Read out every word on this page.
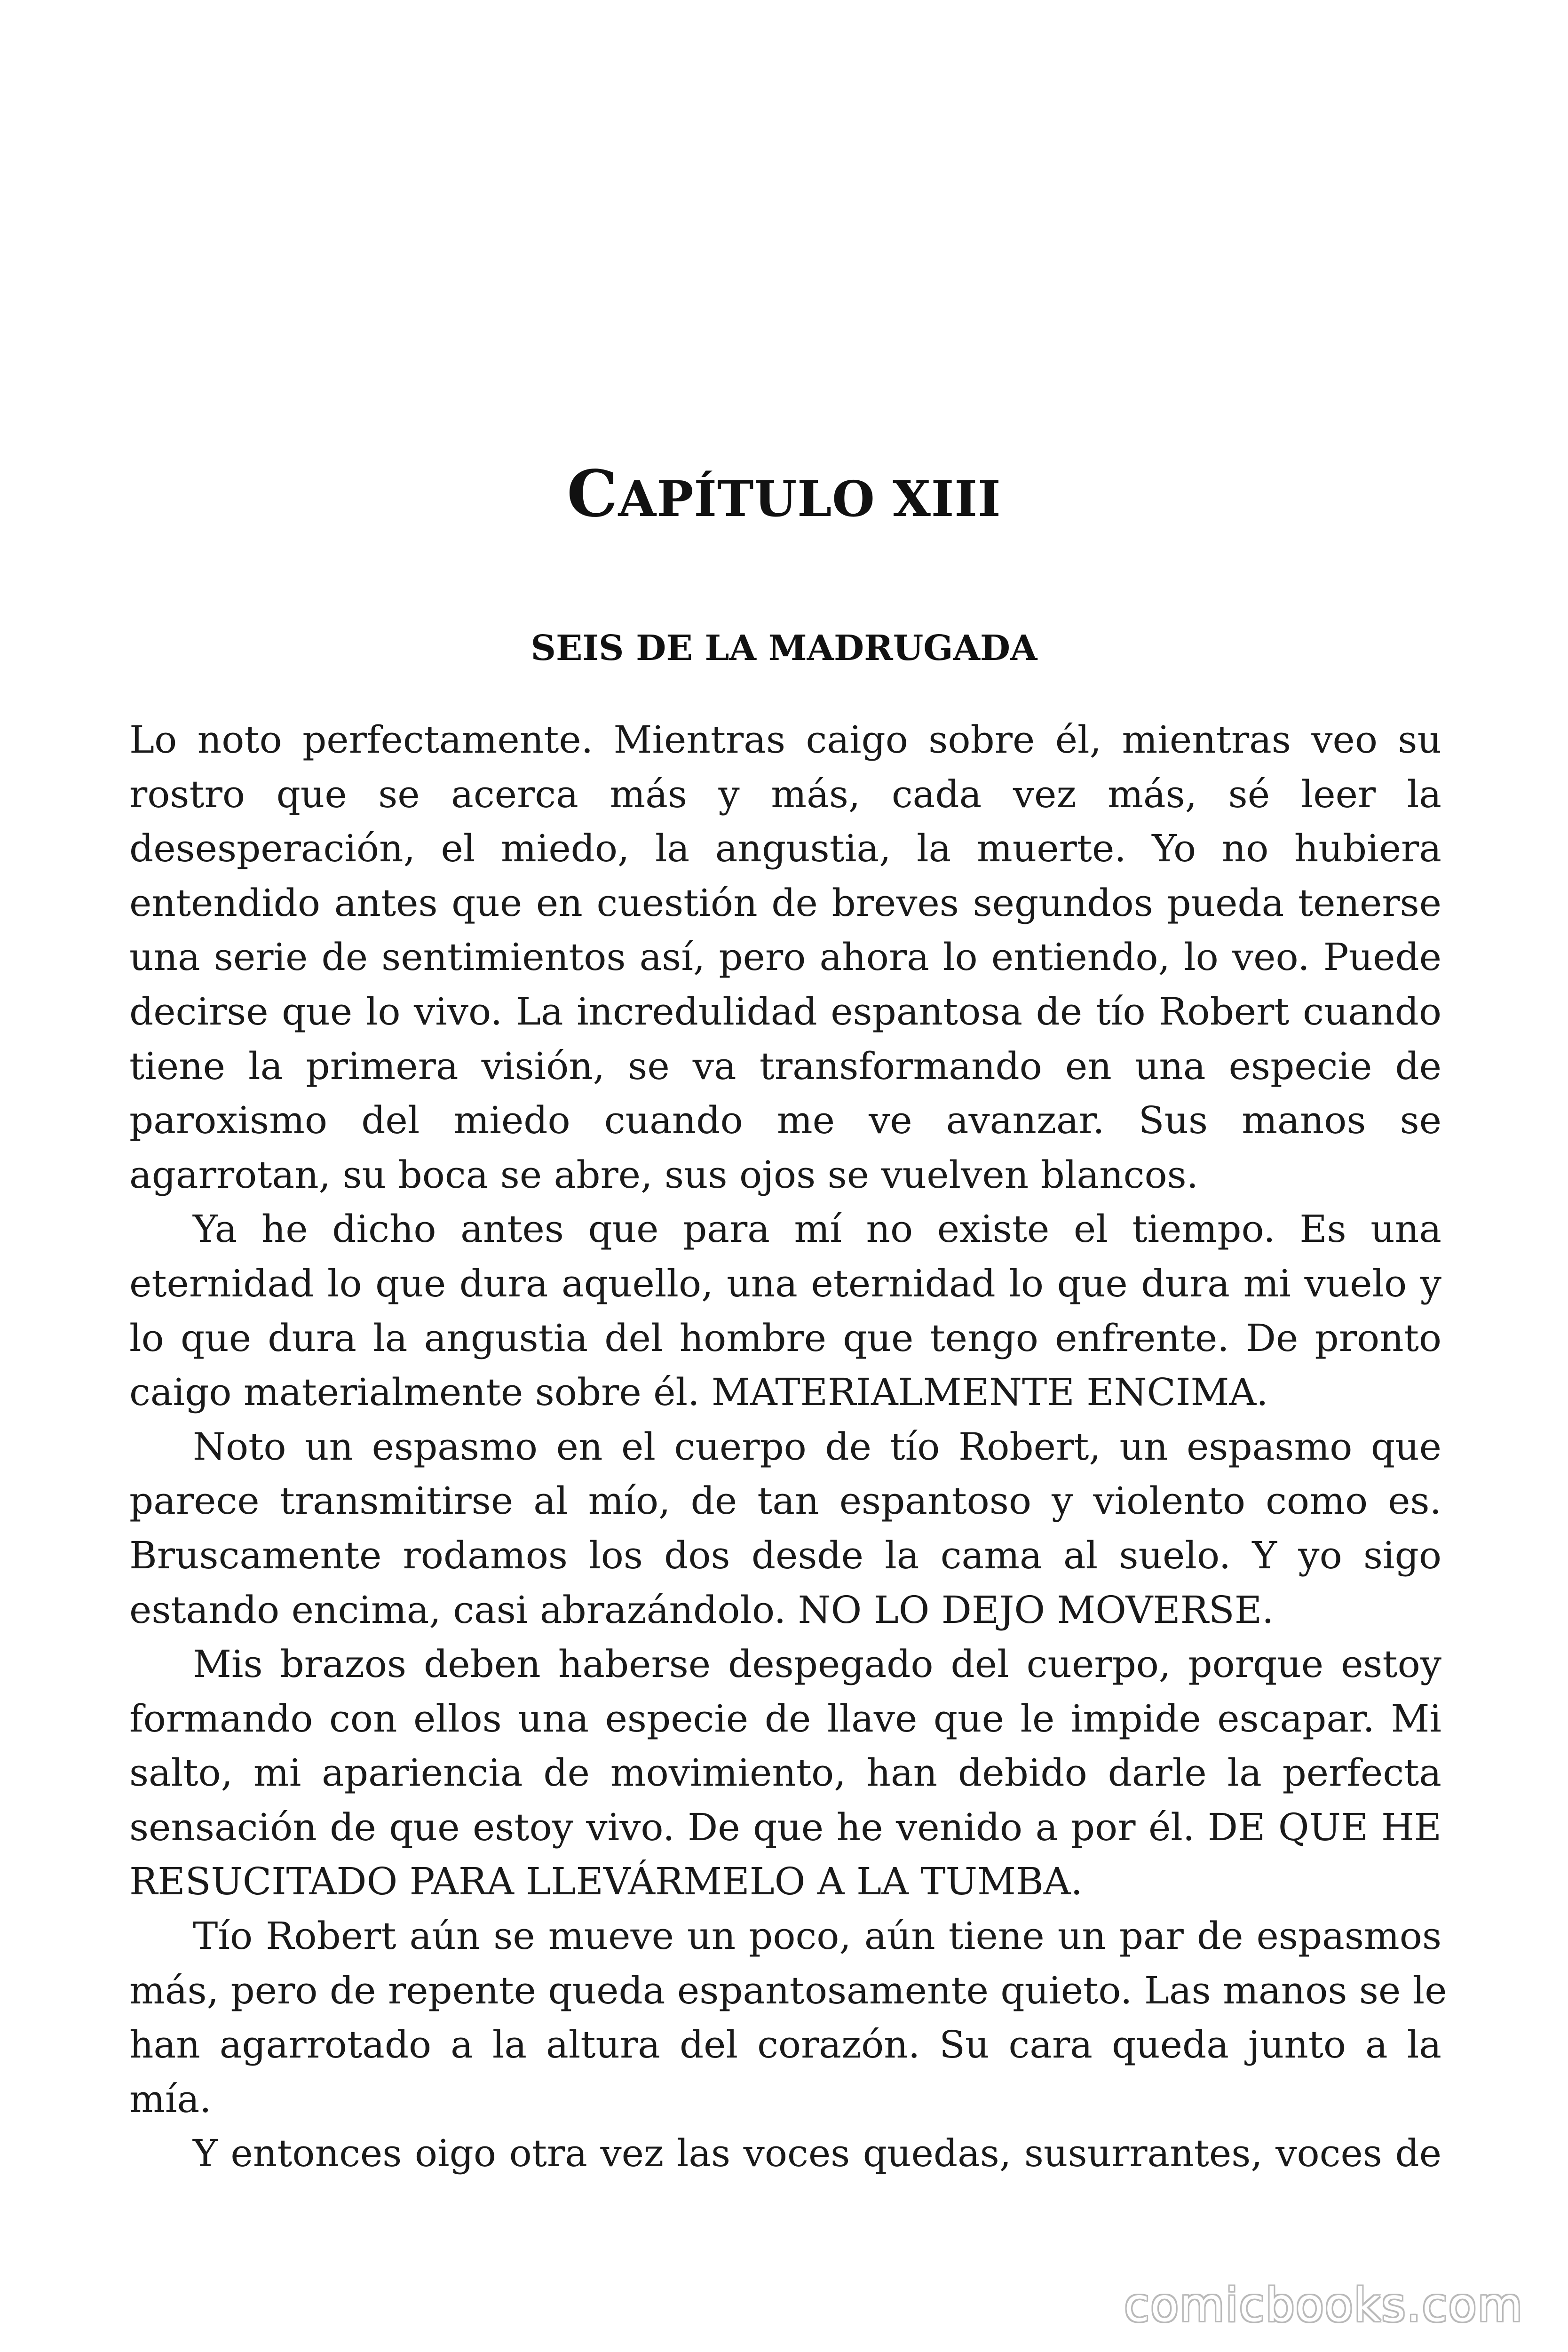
CAPÍTULO XIII
SEIS DE LA MADRUGADA

Lo noto perfectamente. Mientras caigo sobre él, mientras veo su
rostro que se acerca más y más, cada vez más, sé leer la
desesperación, el miedo, la angustia, la muerte. Yo no hubiera
entendido antes que en cuestión de breves segundos pueda tenerse
una serie de sentimientos así, pero ahora lo entiendo, lo veo. Puede
decirse que lo vivo. La incredulidad espantosa de tío Robert cuando
tiene la primera visión, se va transformando en una especie de
paroxismo del miedo cuando me ve avanzar. Sus manos se
agarrotan, su boca se abre, sus ojos se vuelven blancos.

Ya he dicho antes que para mí no existe el tiempo. Es una
eternidad lo que dura aquello, una eternidad lo que dura mi vuelo y
lo que dura la angustia del hombre que tengo enfrente. De pronto
caigo materialmente sobre él. MATERIALMENTE ENCIMA.

Noto un espasmo en el cuerpo de tío Robert, un espasmo que
parece transmitirse al mío, de tan espantoso y violento como es.
Bruscamente rodamos los dos desde la cama al suelo. Y yo sigo
estando encima, casi abrazándolo. NO LO DEJO MOVERSE.

Mis brazos deben haberse despegado del cuerpo, porque estoy
formando con ellos una especie de llave que le impide escapar. Mi
salto, mi apariencia de movimiento, han debido darle la perfecta
sensación de que estoy vivo. De que he venido a por él. DE QUE HE
RESUCITADO PARA LLEVÁRMELO A LA TUMBA.

Tío Robert aún se mueve un poco, aún tiene un par de espasmos
más, pero de repente queda espantosamente quieto. Las manos se le
han agarrotado a la altura del corazón. Su cara queda junto a la
mía.

Y entonces oigo otra vez las voces quedas, susurrantes, voces de

comicbooks.com
